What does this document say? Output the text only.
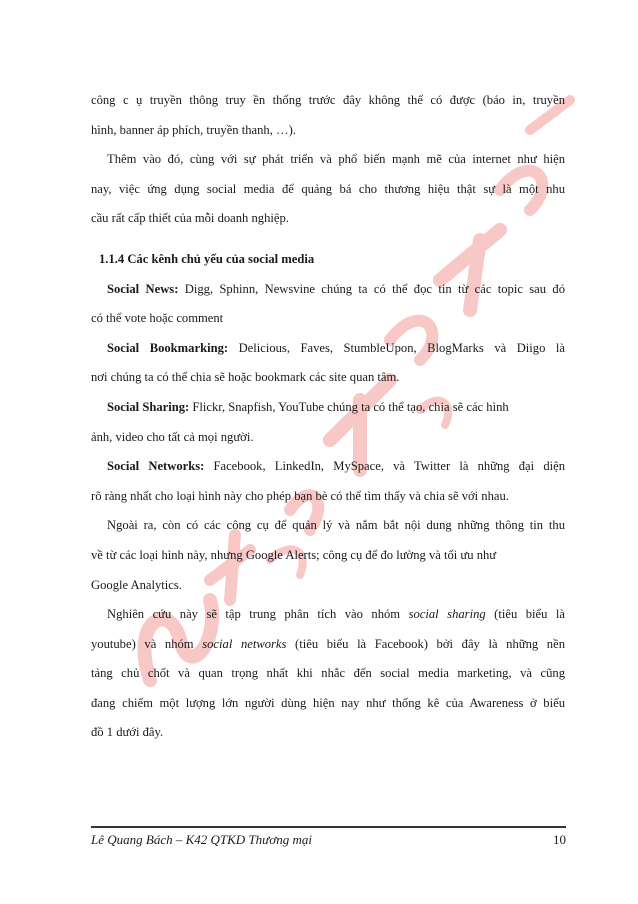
công c ụ truyền thông truy ền thống trước đây không thể có được (báo in, truyền

hình, banner áp phích, truyền thanh, …).

Thêm vào đó, cùng với sự phát triển và phổ biến mạnh mẽ của internet như hiện

nay, việc ứng dụng social media để quảng bá cho thương hiệu thật sự là một nhu

cầu rất cấp thiết của mỗi doanh nghiệp.

1.1.4 Các kênh chủ yếu của social media

Social News: Digg, Sphinn, Newsvine chúng ta có thể đọc tin từ các topic sau đó

có thể vote hoặc comment

Social Bookmarking: Delicious, Faves, StumbleUpon, BlogMarks và Diigo là

nơi chúng ta có thể chia sẽ hoặc bookmark các site quan tâm.

Social Sharing: Flickr, Snapfish, YouTube chúng ta có thể tạo, chia sẽ các hình

ảnh, video cho tất cả mọi người.

Social Networks: Facebook, LinkedIn, MySpace, và Twitter là những đại diện

rõ ràng nhất cho loại hình này cho phép bạn bè có thể tìm thấy và chia sẽ với nhau.

Ngoài ra, còn có các công cụ để quản lý và nắm bắt nội dung những thông tin thu

về từ các loại hình này, nhưng Google Alerts; công cụ để đo lường và tối ưu như

Google Analytics.

Nghiên cứu này sẽ tập trung phân tích vào nhóm social sharing (tiêu biểu là

youtube) và nhóm social networks (tiêu biểu là Facebook) bởi đây là những nền

tảng chủ chốt và quan trọng nhất khi nhắc đến social media marketing, và cũng

đang chiếm một lượng lớn người dùng hiện nay như thống kê của Awareness ở biểu

đồ 1 dưới đây.

Lê Quang Bách – K42 QTKD Thương mại	10
